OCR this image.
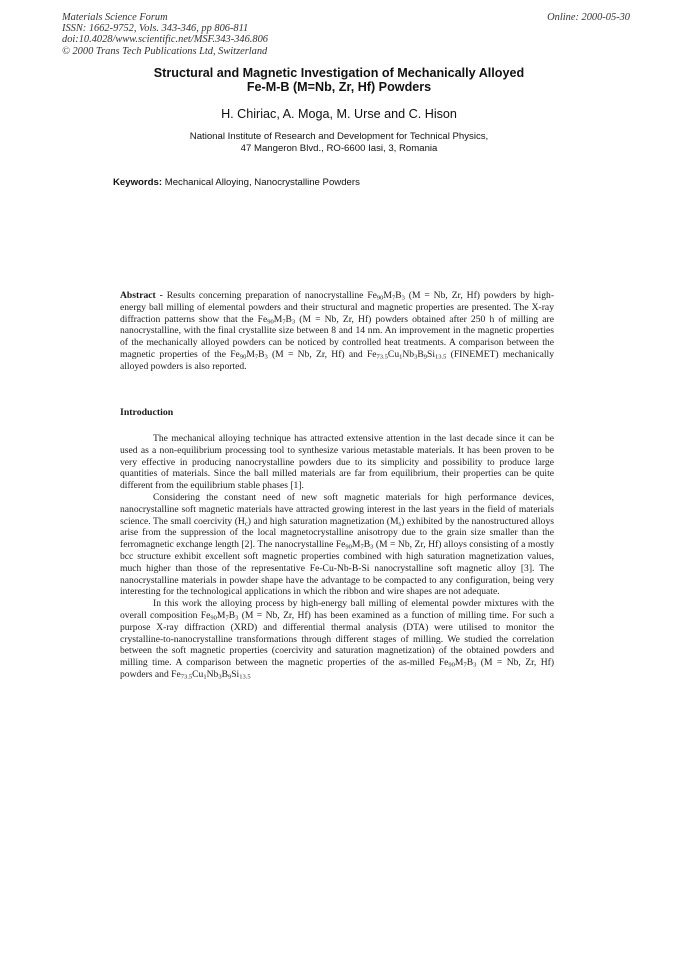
Materials Science Forum
ISSN: 1662-9752, Vols. 343-346, pp 806-811
doi:10.4028/www.scientific.net/MSF.343-346.806
© 2000 Trans Tech Publications Ltd, Switzerland
Online: 2000-05-30
Structural and Magnetic Investigation of Mechanically Alloyed
Fe-M-B (M=Nb, Zr, Hf) Powders
H. Chiriac, A. Moga, M. Urse and C. Hison
National Institute of Research and Development for Technical Physics,
47 Mangeron Blvd., RO-6600 Iasi, 3, Romania
Keywords: Mechanical Alloying, Nanocrystalline Powders
Abstract - Results concerning preparation of nanocrystalline $Fe_{90}M_7B_3$ (M = Nb, Zr, Hf) powders by high-energy ball milling of elemental powders and their structural and magnetic properties are presented. The X-ray diffraction patterns show that the $Fe_{90}M_7B_3$ (M = Nb, Zr, Hf) powders obtained after 250 h of milling are nanocrystalline, with the final crystallite size between 8 and 14 nm. An improvement in the magnetic properties of the mechanically alloyed powders can be noticed by controlled heat treatments. A comparison between the magnetic properties of the $Fe_{90}M_7B_3$ (M = Nb, Zr, Hf) and $Fe_{73.5}Cu_1Nb_3B_9Si_{13.5}$ (FINEMET) mechanically alloyed powders is also reported.
Introduction

The mechanical alloying technique has attracted extensive attention in the last decade since it can be used as a non-equilibrium processing tool to synthesize various metastable materials. It has been proven to be very effective in producing nanocrystalline powders due to its simplicity and possibility to produce large quantities of materials. Since the ball milled materials are far from equilibrium, their properties can be quite different from the equilibrium stable phases [1].

Considering the constant need of new soft magnetic materials for high performance devices, nanocrystalline soft magnetic materials have attracted growing interest in the last years in the field of materials science. The small coercivity $(H_c)$ and high saturation magnetization $(M_s)$ exhibited by the nanostructured alloys arise from the suppression of the local magnetocrystalline anisotropy due to the grain size smaller than the ferromagnetic exchange length [2]. The nanocrystalline $Fe_{90}M_7B_3$ (M = Nb, Zr, Hf) alloys consisting of a mostly bcc structure exhibit excellent soft magnetic properties combined with high saturation magnetization values, much higher than those of the representative Fe-Cu-Nb-B-Si nanocrystalline soft magnetic alloy [3]. The nanocrystalline materials in powder shape have the advantage to be compacted to any configuration, being very interesting for the technological applications in which the ribbon and wire shapes are not adequate.

In this work the alloying process by high-energy ball milling of elemental powder mixtures with the overall composition $Fe_{90}M_7B_3$ (M = Nb, Zr, Hf) has been examined as a function of milling time. For such a purpose X-ray diffraction (XRD) and differential thermal analysis (DTA) were utilised to monitor the crystalline-to-nanocrystalline transformations through different stages of milling. We studied the correlation between the soft magnetic properties (coercivity and saturation magnetization) of the obtained powders and milling time. A comparison between the magnetic properties of the as-milled $Fe_{90}M_7B_3$ (M = Nb, Zr, Hf) powders and $Fe_{73.5}Cu_1Nb_3B_9Si_{13.5}$
